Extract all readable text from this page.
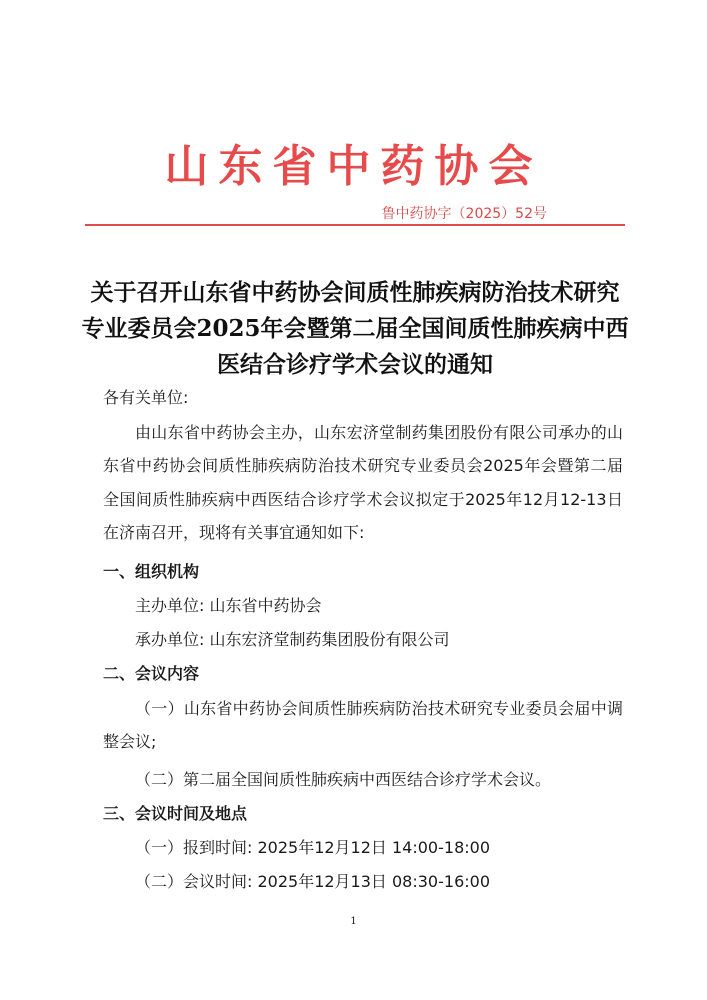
山东省中药协会
鲁中药协字（2025）52号
关于召开山东省中药协会间质性肺疾病防治技术研究
专业委员会2025年会暨第二届全国间质性肺疾病中西
医结合诊疗学术会议的通知
各有关单位:
由山东省中药协会主办，山东宏济堂制药集团股份有限公司承办的山东省中药协会间质性肺疾病防治技术研究专业委员会2025年会暨第二届全国间质性肺疾病中西医结合诊疗学术会议拟定于2025年12月12-13日在济南召开，现将有关事宜通知如下:
一、组织机构
主办单位: 山东省中药协会
承办单位: 山东宏济堂制药集团股份有限公司
二、会议内容
（一）山东省中药协会间质性肺疾病防治技术研究专业委员会届中调整会议;
（二）第二届全国间质性肺疾病中西医结合诊疗学术会议。
三、会议时间及地点
（一）报到时间: 2025年12月12日 14:00-18:00
（二）会议时间: 2025年12月13日 08:30-16:00
1
